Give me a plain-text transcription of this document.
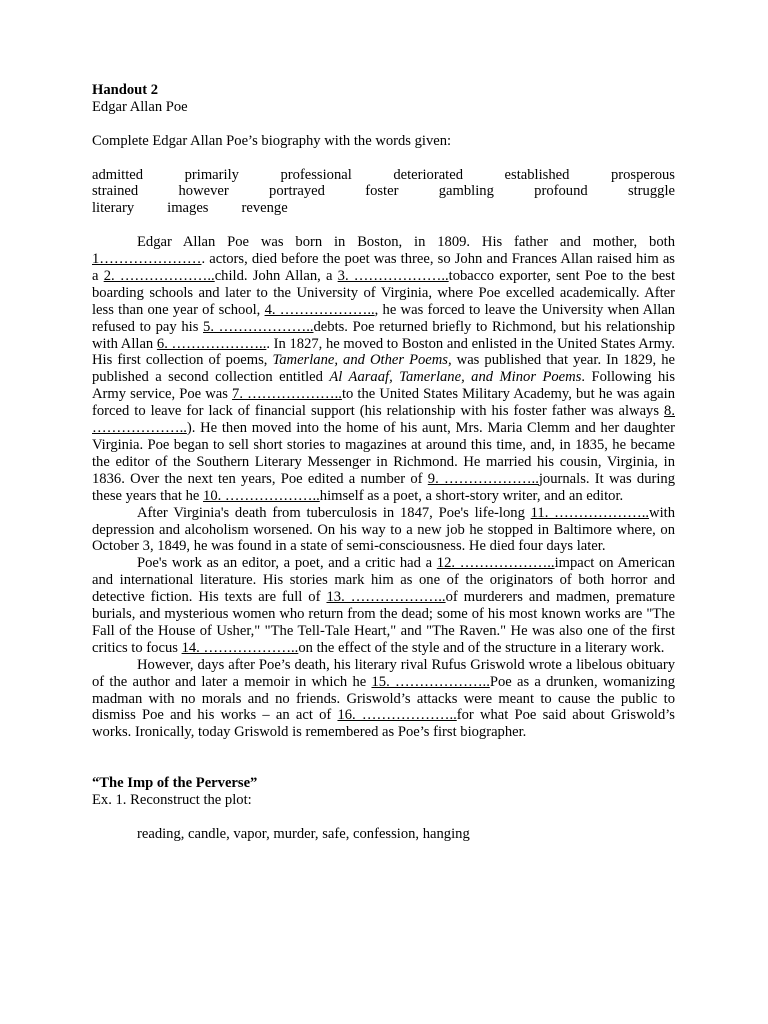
Handout 2
Edgar Allan Poe
Complete Edgar Allan Poe’s biography with the words given:
admitted	primarily	professional	deteriorated	established	prosperous
strained	however	portrayed	foster	gambling	profound	struggle
literary images revenge

Edgar Allan Poe was born in Boston, in 1809. His father and mother, both 1…………………. actors, died before the poet was three, so John and Frances Allan raised him as a 2. ………………..child. John Allan, a 3. ………………..tobacco exporter, sent Poe to the best boarding schools and later to the University of Virginia, where Poe excelled academically. After less than one year of school, 4. ……………….., he was forced to leave the University when Allan refused to pay his 5. ………………..debts. Poe returned briefly to Richmond, but his relationship with Allan 6. ………………... In 1827, he moved to Boston and enlisted in the United States Army. His first collection of poems, Tamerlane, and Other Poems, was published that year. In 1829, he published a second collection entitled Al Aaraaf, Tamerlane, and Minor Poems. Following his Army service, Poe was 7. ………………..to the United States Military Academy, but he was again forced to leave for lack of financial support (his relationship with his foster father was always 8. ………………..). He then moved into the home of his aunt, Mrs. Maria Clemm and her daughter Virginia. Poe began to sell short stories to magazines at around this time, and, in 1835, he became the editor of the Southern Literary Messenger in Richmond. He married his cousin, Virginia, in 1836. Over the next ten years, Poe edited a number of 9. ………………..journals. It was during these years that he 10. ………………..himself as a poet, a short-story writer, and an editor.

After Virginia's death from tuberculosis in 1847, Poe's life-long 11. ………………..with depression and alcoholism worsened. On his way to a new job he stopped in Baltimore where, on October 3, 1849, he was found in a state of semi-consciousness. He died four days later.

Poe's work as an editor, a poet, and a critic had a 12. ………………..impact on American and international literature. His stories mark him as one of the originators of both horror and detective fiction. His texts are full of 13. ………………..of murderers and madmen, premature burials, and mysterious women who return from the dead; some of his most known works are "The Fall of the House of Usher," "The Tell-Tale Heart," and "The Raven." He was also one of the first critics to focus 14. ………………..on the effect of the style and of the structure in a literary work.

However, days after Poe’s death, his literary rival Rufus Griswold wrote a libelous obituary of the author and later a memoir in which he 15. ………………..Poe as a drunken, womanizing madman with no morals and no friends. Griswold’s attacks were meant to cause the public to dismiss Poe and his works – an act of 16. ………………..for what Poe said about Griswold’s works. Ironically, today Griswold is remembered as Poe’s first biographer.

“The Imp of the Perverse”
Ex. 1. Reconstruct the plot:
reading, candle, vapor, murder, safe, confession, hanging
